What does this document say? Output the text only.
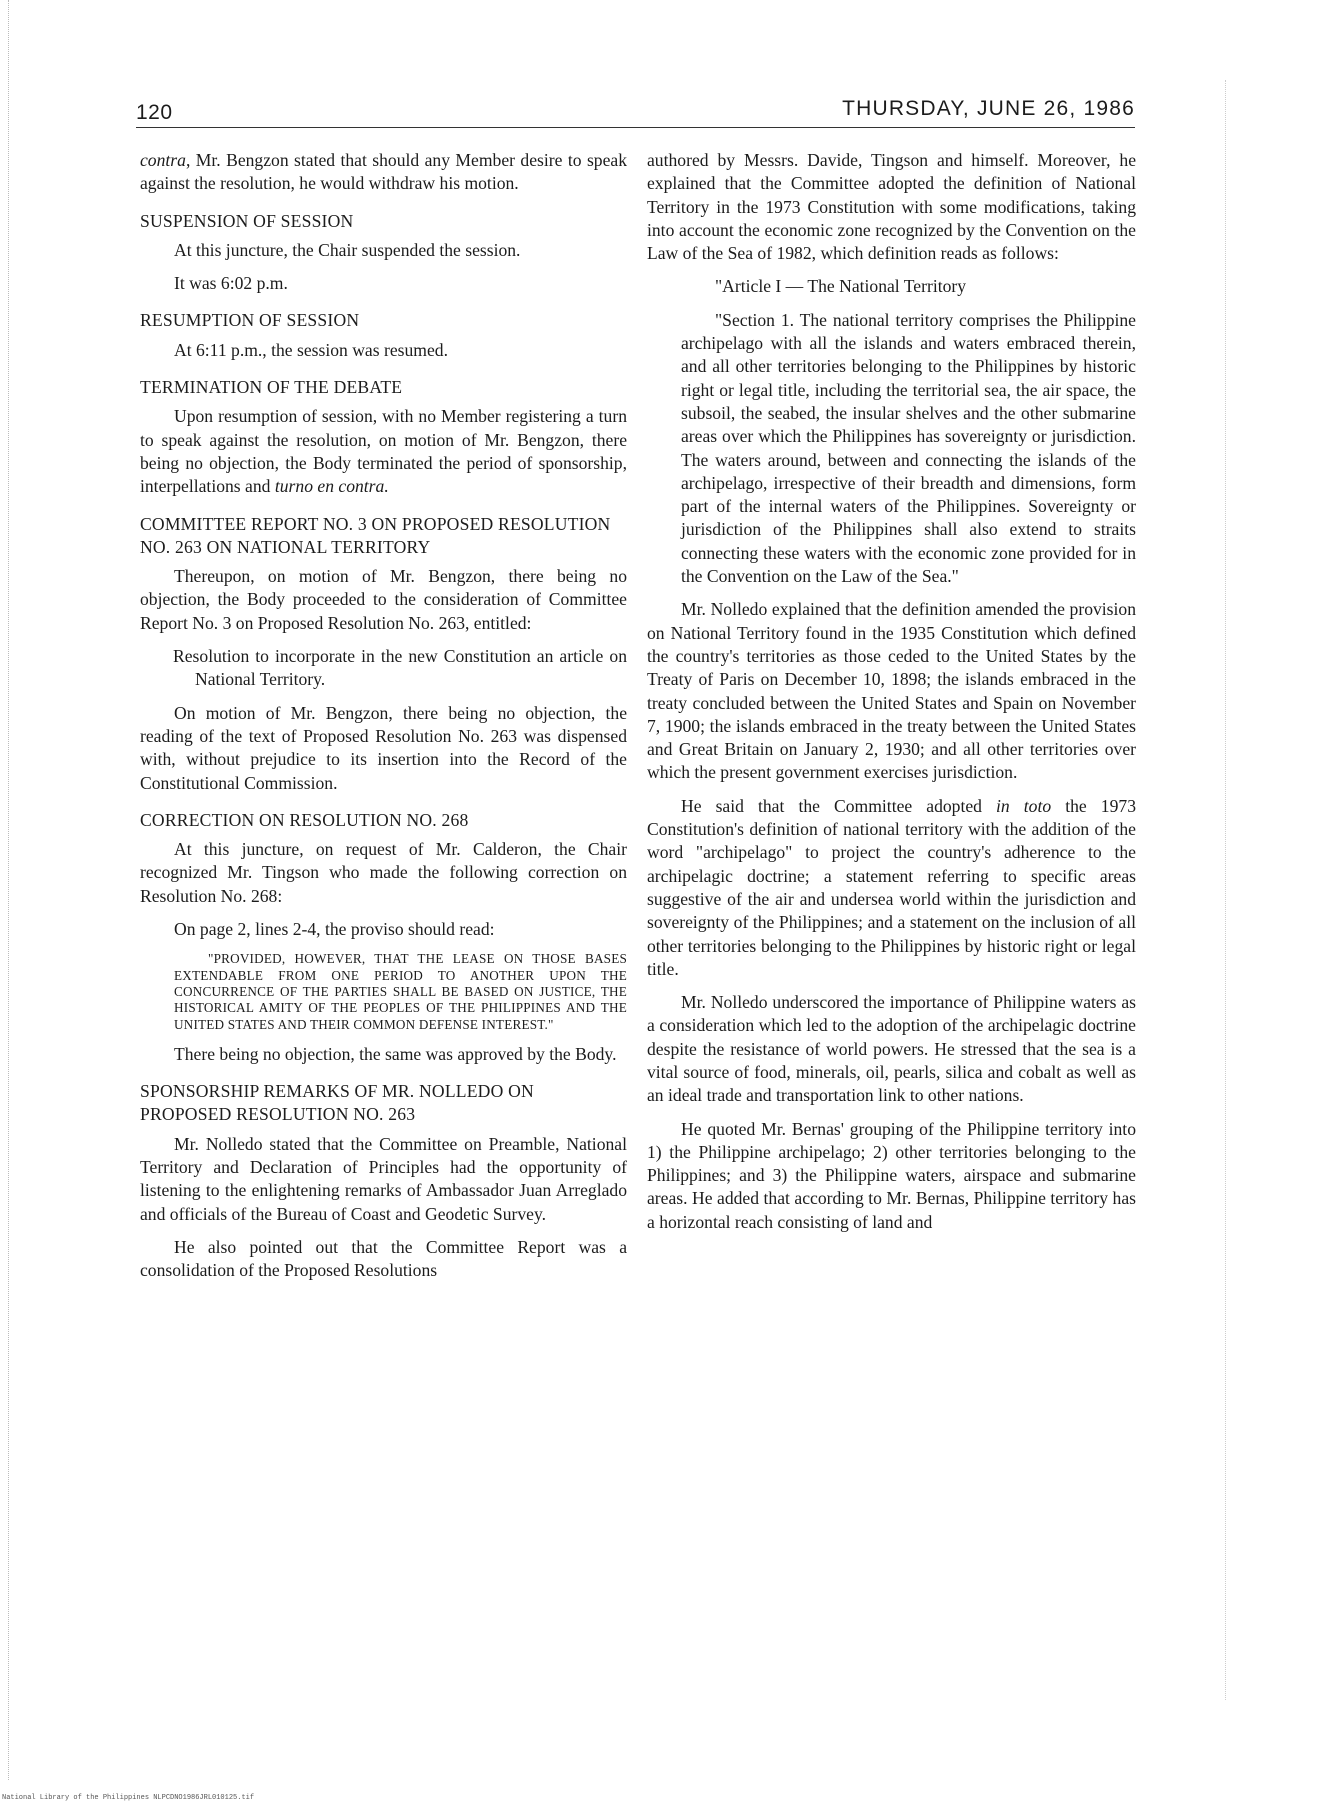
120	THURSDAY, JUNE 26, 1986

contra, Mr. Bengzon stated that should any Member desire to speak against the resolution, he would withdraw his motion.

SUSPENSION OF SESSION

At this juncture, the Chair suspended the session.

It was 6:02 p.m.

RESUMPTION OF SESSION

At 6:11 p.m., the session was resumed.

TERMINATION OF THE DEBATE

Upon resumption of session, with no Member registering a turn to speak against the resolution, on motion of Mr. Bengzon, there being no objection, the Body terminated the period of sponsorship, interpellations and turno en contra.

COMMITTEE REPORT NO. 3 ON PROPOSED RESOLUTION NO. 263 ON NATIONAL TERRITORY

Thereupon, on motion of Mr. Bengzon, there being no objection, the Body proceeded to the consideration of Committee Report No. 3 on Proposed Resolution No. 263, entitled:

Resolution to incorporate in the new Constitution an article on National Territory.

On motion of Mr. Bengzon, there being no objection, the reading of the text of Proposed Resolution No. 263 was dispensed with, without prejudice to its insertion into the Record of the Constitutional Commission.

CORRECTION ON RESOLUTION NO. 268

At this juncture, on request of Mr. Calderon, the Chair recognized Mr. Tingson who made the following correction on Resolution No. 268:

On page 2, lines 2-4, the proviso should read:

"PROVIDED, HOWEVER, THAT THE LEASE ON THOSE BASES EXTENDABLE FROM ONE PERIOD TO ANOTHER UPON THE CONCURRENCE OF THE PARTIES SHALL BE BASED ON JUSTICE, THE HISTORICAL AMITY OF THE PEOPLES OF THE PHILIPPINES AND THE UNITED STATES AND THEIR COMMON DEFENSE INTEREST."

There being no objection, the same was approved by the Body.

SPONSORSHIP REMARKS OF MR. NOLLEDO ON PROPOSED RESOLUTION NO. 263

Mr. Nolledo stated that the Committee on Preamble, National Territory and Declaration of Principles had the opportunity of listening to the enlightening remarks of Ambassador Juan Arreglado and officials of the Bureau of Coast and Geodetic Survey.

He also pointed out that the Committee Report was a consolidation of the Proposed Resolutions

authored by Messrs. Davide, Tingson and himself. Moreover, he explained that the Committee adopted the definition of National Territory in the 1973 Constitution with some modifications, taking into account the economic zone recognized by the Convention on the Law of the Sea of 1982, which definition reads as follows:

"Article I — The National Territory

"Section 1. The national territory comprises the Philippine archipelago with all the islands and waters embraced therein, and all other territories belonging to the Philippines by historic right or legal title, including the territorial sea, the air space, the subsoil, the seabed, the insular shelves and the other submarine areas over which the Philippines has sovereignty or jurisdiction. The waters around, between and connecting the islands of the archipelago, irrespective of their breadth and dimensions, form part of the internal waters of the Philippines. Sovereignty or jurisdiction of the Philippines shall also extend to straits connecting these waters with the economic zone provided for in the Convention on the Law of the Sea."

Mr. Nolledo explained that the definition amended the provision on National Territory found in the 1935 Constitution which defined the country's territories as those ceded to the United States by the Treaty of Paris on December 10, 1898; the islands embraced in the treaty concluded between the United States and Spain on November 7, 1900; the islands embraced in the treaty between the United States and Great Britain on January 2, 1930; and all other territories over which the present government exercises jurisdiction.

He said that the Committee adopted in toto the 1973 Constitution's definition of national territory with the addition of the word "archipelago" to project the country's adherence to the archipelagic doctrine; a statement referring to specific areas suggestive of the air and undersea world within the jurisdiction and sovereignty of the Philippines; and a statement on the inclusion of all other territories belonging to the Philippines by historic right or legal title.

Mr. Nolledo underscored the importance of Philippine waters as a consideration which led to the adoption of the archipelagic doctrine despite the resistance of world powers. He stressed that the sea is a vital source of food, minerals, oil, pearls, silica and cobalt as well as an ideal trade and transportation link to other nations.

He quoted Mr. Bernas' grouping of the Philippine territory into 1) the Philippine archipelago; 2) other territories belonging to the Philippines; and 3) the Philippine waters, airspace and submarine areas. He added that according to Mr. Bernas, Philippine territory has a horizontal reach consisting of land and

National Library of the Philippines NLPCDNO1986JRL010125.tif
